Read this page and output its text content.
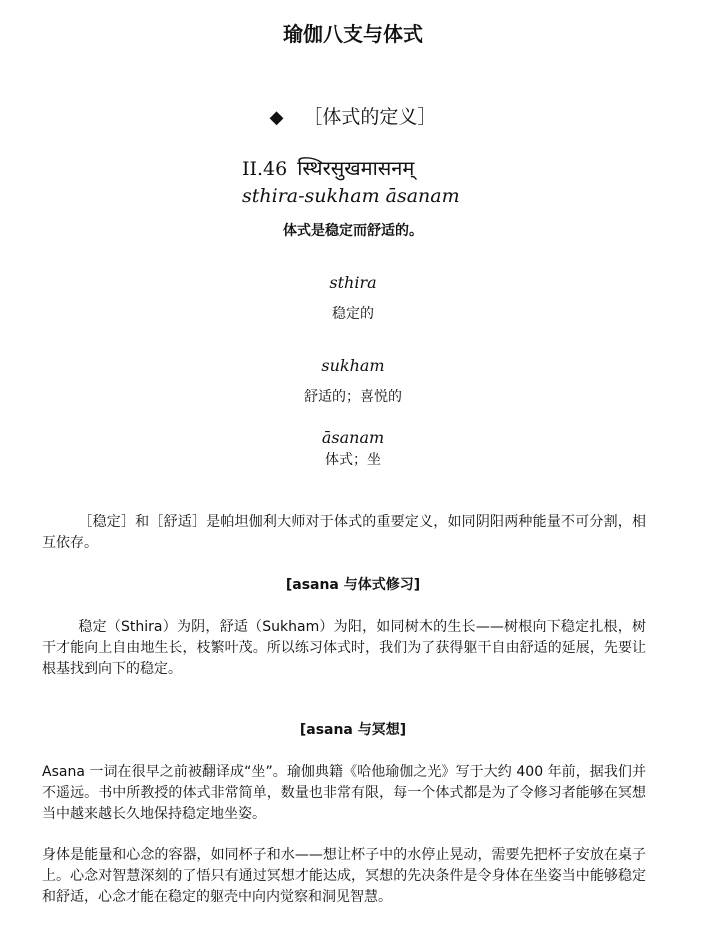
瑜伽八支与体式
◆ ［体式的定义］
II.46 स्थिरसुखमासनम्
sthira-sukham āsanam
体式是稳定而舒适的。
sthira
稳定的
sukham
舒适的；喜悦的
āsanam
体式；坐

［稳定］和［舒适］是帕坦伽利大师对于体式的重要定义，如同阴阳两种能量不可分割，相互依存。

[asana 与体式修习]

稳定（Sthira）为阴，舒适（Sukham）为阳，如同树木的生长——树根向下稳定扎根，树干才能向上自由地生长，枝繁叶茂。所以练习体式时，我们为了获得躯干自由舒适的延展，先要让根基找到向下的稳定。

[asana 与冥想]

Asana 一词在很早之前被翻译成“坐”。瑜伽典籍《哈他瑜伽之光》写于大约 400 年前，据我们并不遥远。书中所教授的体式非常简单，数量也非常有限，每一个体式都是为了令修习者能够在冥想当中越来越长久地保持稳定地坐姿。

身体是能量和心念的容器，如同杯子和水——想让杯子中的水停止晃动，需要先把杯子安放在桌子上。心念对智慧深刻的了悟只有通过冥想才能达成，冥想的先决条件是令身体在坐姿当中能够稳定和舒适，心念才能在稳定的躯壳中向内觉察和洞见智慧。
